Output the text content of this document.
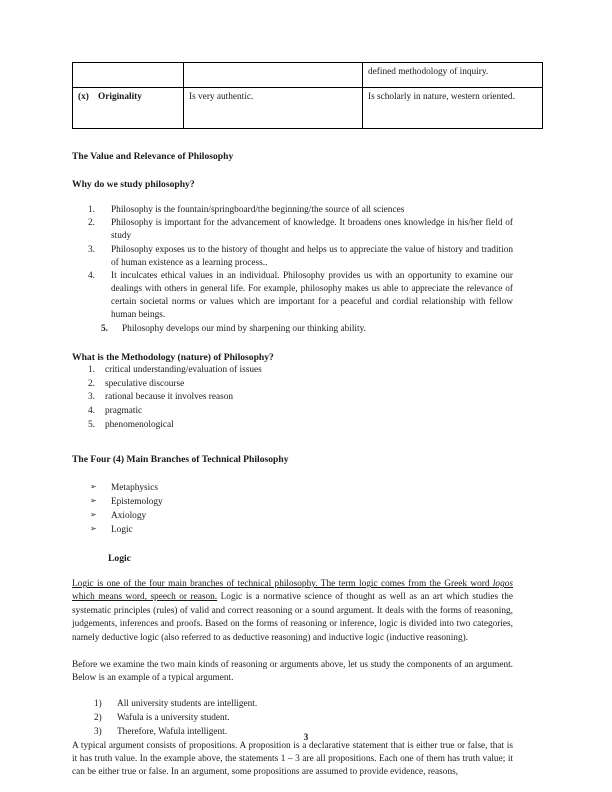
		defined methodology of inquiry.
(x) Originality	Is very authentic.	Is scholarly in nature, western oriented.
The Value and Relevance of Philosophy
Why do we study philosophy?
1.	Philosophy is the fountain/springboard/the beginning/the source of all sciences
2.	Philosophy is important for the advancement of knowledge. It broadens ones knowledge in his/her field of study
3.	Philosophy exposes us to the history of thought and helps us to appreciate the value of history and tradition of human existence as a learning process..
4.	It inculcates ethical values in an individual. Philosophy provides us with an opportunity to examine our dealings with others in general life. For example, philosophy makes us able to appreciate the relevance of certain societal norms or values which are important for a peaceful and cordial relationship with fellow human beings.
5.	Philosophy develops our mind by sharpening our thinking ability.
What is the Methodology (nature) of Philosophy?
1.	critical understanding/evaluation of issues
2.	speculative discourse
3.	rational because it involves reason
4.	pragmatic
5.	phenomenological
The Four (4) Main Branches of Technical Philosophy
➢ Metaphysics
➢ Epistemology
➢ Axiology
➢ Logic
Logic

Logic is one of the four main branches of technical philosophy. The term logic comes from the Greek word logos which means word, speech or reason. Logic is a normative science of thought as well as an art which studies the systematic principles (rules) of valid and correct reasoning or a sound argument. It deals with the forms of reasoning, judgements, inferences and proofs. Based on the forms of reasoning or inference, logic is divided into two categories, namely deductive logic (also referred to as deductive reasoning) and inductive logic (inductive reasoning).

Before we examine the two main kinds of reasoning or arguments above, let us study the components of an argument. Below is an example of a typical argument.

1)	All university students are intelligent.
2)	Wafula is a university student.
3)	Therefore, Wafula intelligent.

A typical argument consists of propositions. A proposition is a declarative statement that is either true or false, that is it has truth value. In the example above, the statements 1 – 3 are all propositions. Each one of them has truth value; it can be either true or false. In an argument, some propositions are assumed to provide evidence, reasons,

3
